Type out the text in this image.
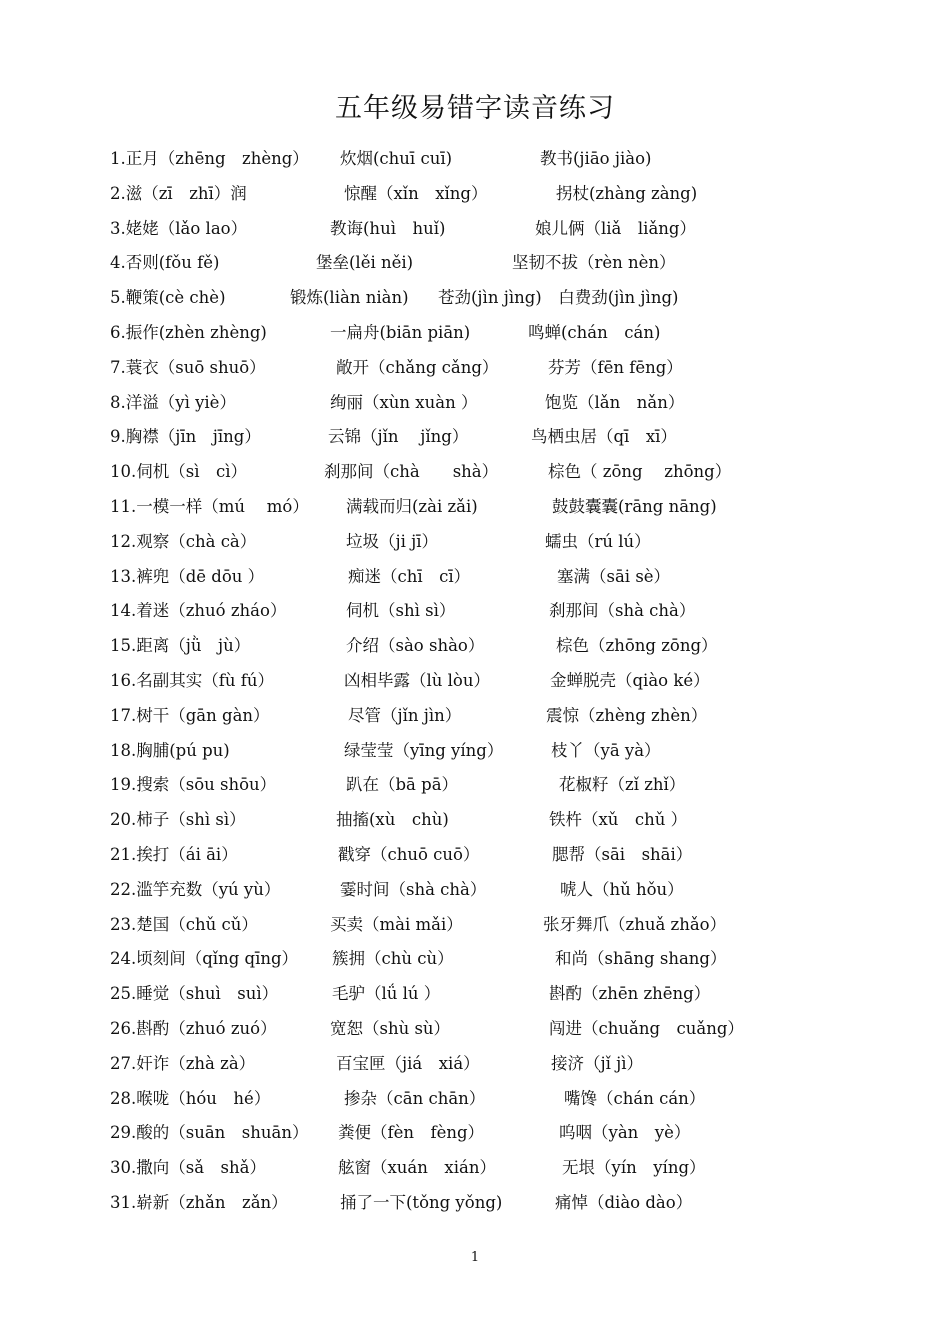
五年级易错字读音练习
1.正月（zhēng　zhèng） 炊烟(chuī cuī)	教书(jiāo jiào)
2.滋（zī　zhī）润	惊醒（xǐn　xǐng）	拐杖(zhàng zàng)
3.姥姥（lǎo lao）	教诲(huì　huǐ)	娘儿俩（liǎ　liǎng）
4.否则(fǒu fě)	堡垒(lěi něi)	坚韧不拔（rèn nèn）
5.鞭策(cè chè)	锻炼(liàn niàn) 苍劲(jìn jìng)　白费劲(jìn jìng)
6.振作(zhèn zhèng)	一扁舟(biān piān)	鸣蝉(chán　cán)
7.蓑衣（suō shuō）	敞开（chǎng cǎng）	芬芳（fēn fēng）
8.洋溢（yì yiè）	绚丽（xùn xuàn ）	饱览（lǎn　nǎn）
9.胸襟（jīn　jīng）	云锦（jǐn　 jǐng）	鸟栖虫居（qī　xī）
10.伺机（sì　cì）	刹那间（chà　　shà）	棕色（ zōng　 zhōng）
11.一模一样（mú　 mó） 满载而归(zài zǎi)	鼓鼓囊囊(rāng nāng)
12.观察（chà cà）	垃圾（ji jī）	蠕虫（rú lú）
13.裤兜（dē dōu ）	痴迷（chī　cī）	塞满（sāi sè）
14.着迷（zhuó zháo）	伺机（shì sì）	刹那间（shà chà）
15.距离（jǜ　jù）	介绍（sào shào）	棕色（zhōng zōng）
16.名副其实（fù fú）	凶相毕露（lù lòu）	金蝉脱壳（qiào ké）
17.树干（gān gàn）	尽管（jǐn jìn）	震惊（zhèng zhèn）
18.胸脯(pú pu)	绿莹莹（yīng yíng）	枝丫（yā yà）
19.搜索（sōu shōu）	趴在（bā pā）	花椒籽（zǐ zhǐ）
20.柿子（shì sì）	抽搐(xù　chù)	铁杵（xǔ　chǔ ）
21.挨打（ái āi）	戳穿（chuō cuō）	腮帮（sāi　shāi）
22.滥竽充数（yú yù）	霎时间（shà chà）	唬人（hǔ hǒu）
23.楚国（chǔ cǔ）	买卖（mài mǎi）	张牙舞爪（zhuǎ zhǎo）
24.顷刻间（qǐng qīng） 簇拥（chù cù）	和尚（shāng shang）
25.睡觉（shuì　suì）	毛驴（lǘ lú ）	斟酌（zhēn zhēng）
26.斟酌（zhuó zuó）	宽恕（shù sù）	闯进（chuǎng　cuǎng）
27.奸诈（zhà zà）	百宝匣（jiá　xiá）	接济（jǐ jì）
28.喉咙（hóu　hé）	掺杂（cān chān）	嘴馋（chán cán）
29.酸的（suān　shuān） 粪便（fèn　fèng）	呜咽（yàn　yè）
30.撒向（sǎ　shǎ）	舷窗（xuán　xián）	无垠（yín　yíng）
31.崭新（zhǎn　zǎn）	捅了一下(tǒng yǒng)	痛悼（diào dào）
1
